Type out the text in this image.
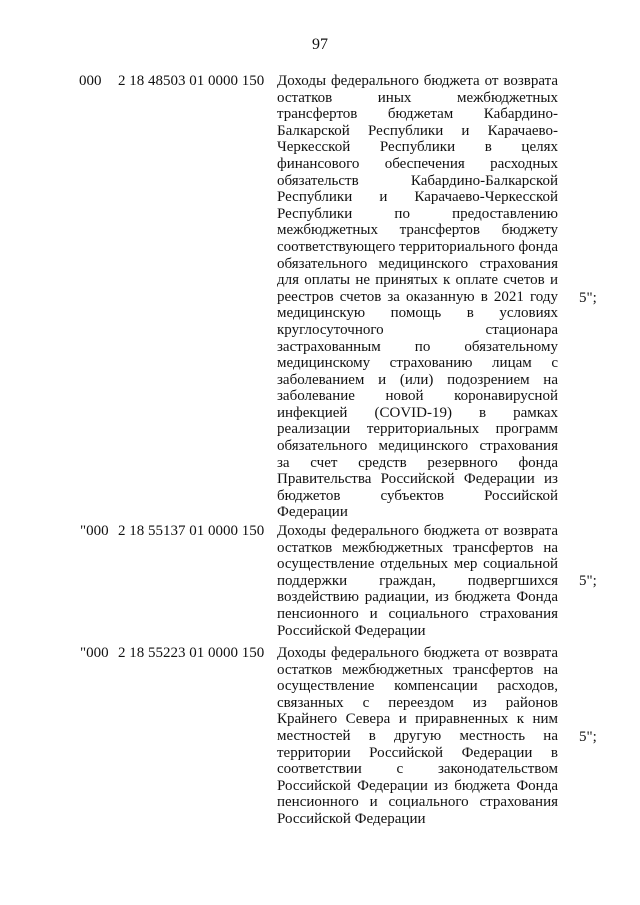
97
000 2 18 48503 01 0000 150 Доходы федерального бюджета от возврата остатков иных межбюджетных трансфертов бюджетам Кабардино-Балкарской Республики и Карачаево-Черкесской Республики в целях финансового обеспечения расходных обязательств Кабардино-Балкарской Республики и Карачаево-Черкесской Республики по предоставлению межбюджетных трансфертов бюджету соответствующего территориального фонда обязательного медицинского страхования для оплаты не принятых к оплате счетов и реестров счетов за оказанную в 2021 году медицинскую помощь в условиях круглосуточного стационара застрахованным по обязательному медицинскому страхованию лицам с заболеванием и (или) подозрением на заболевание новой коронавирусной инфекцией (COVID-19) в рамках реализации территориальных программ обязательного медицинского страхования за счет средств резервного фонда Правительства Российской Федерации из бюджетов субъектов Российской Федерации
5";
"000 2 18 55137 01 0000 150 Доходы федерального бюджета от возврата остатков межбюджетных трансфертов на осуществление отдельных мер социальной поддержки граждан, подвергшихся воздействию радиации, из бюджета Фонда пенсионного и социального страхования Российской Федерации
5";
"000 2 18 55223 01 0000 150 Доходы федерального бюджета от возврата остатков межбюджетных трансфертов на осуществление компенсации расходов, связанных с переездом из районов Крайнего Севера и приравненных к ним местностей в другую местность на территории Российской Федерации в соответствии с законодательством Российской Федерации из бюджета Фонда пенсионного и социального страхования Российской Федерации
5";
